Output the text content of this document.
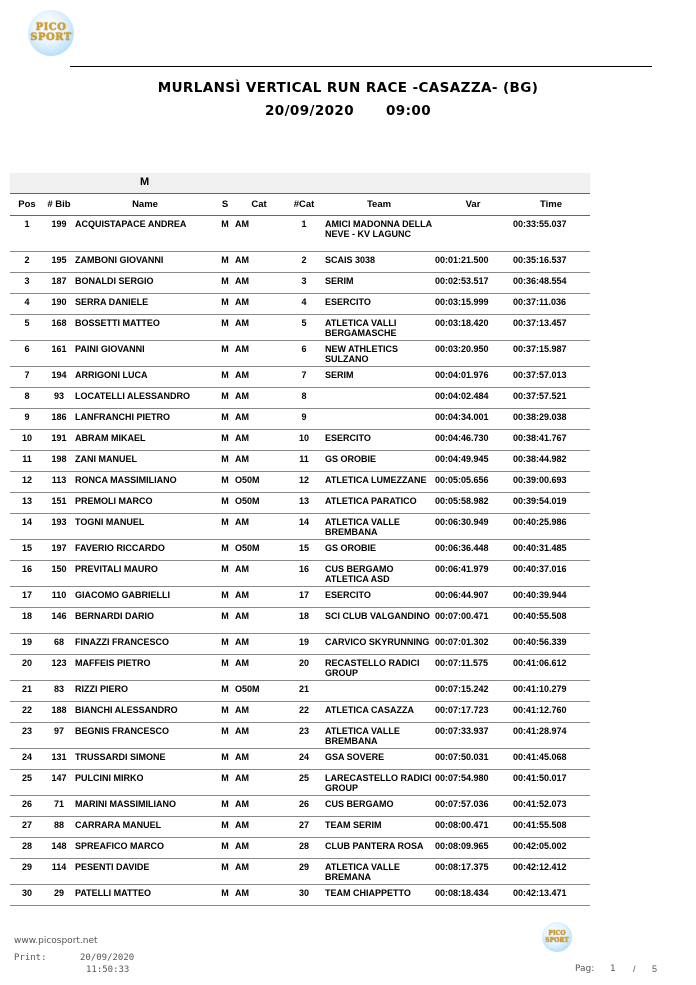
PICO
SPORT
MURLANSÌ VERTICAL RUN RACE -CASAZZA- (BG)
20/09/2020 09:00
M
Pos	# Bib	Name	S	Cat	#Cat	Team	Var	Time
1	199	ACQUISTAPACE ANDREA	M	AM	1	AMICI MADONNA DELLA NEVE - KV LAGUNC		00:33:55.037
2	195	ZAMBONI GIOVANNI	M	AM	2	SCAIS 3038	00:01:21.500	00:35:16.537
3	187	BONALDI SERGIO	M	AM	3	SERIM	00:02:53.517	00:36:48.554
4	190	SERRA DANIELE	M	AM	4	ESERCITO	00:03:15.999	00:37:11.036
5	168	BOSSETTI MATTEO	M	AM	5	ATLETICA VALLI BERGAMASCHE	00:03:18.420	00:37:13.457
6	161	PAINI GIOVANNI	M	AM	6	NEW ATHLETICS SULZANO	00:03:20.950	00:37:15.987
7	194	ARRIGONI LUCA	M	AM	7	SERIM	00:04:01.976	00:37:57.013
8	93	LOCATELLI ALESSANDRO	M	AM	8		00:04:02.484	00:37:57.521
9	186	LANFRANCHI PIETRO	M	AM	9		00:04:34.001	00:38:29.038
10	191	ABRAM MIKAEL	M	AM	10	ESERCITO	00:04:46.730	00:38:41.767
11	198	ZANI MANUEL	M	AM	11	GS OROBIE	00:04:49.945	00:38:44.982
12	113	RONCA MASSIMILIANO	M	O50M	12	ATLETICA LUMEZZANE	00:05:05.656	00:39:00.693
13	151	PREMOLI MARCO	M	O50M	13	ATLETICA PARATICO	00:05:58.982	00:39:54.019
14	193	TOGNI MANUEL	M	AM	14	ATLETICA VALLE BREMBANA	00:06:30.949	00:40:25.986
15	197	FAVERIO RICCARDO	M	O50M	15	GS OROBIE	00:06:36.448	00:40:31.485
16	150	PREVITALI MAURO	M	AM	16	CUS BERGAMO ATLETICA ASD	00:06:41.979	00:40:37.016
17	110	GIACOMO GABRIELLI	M	AM	17	ESERCITO	00:06:44.907	00:40:39.944
18	146	BERNARDI DARIO	M	AM	18	SCI CLUB VALGANDINO	00:07:00.471	00:40:55.508
19	68	FINAZZI FRANCESCO	M	AM	19	CARVICO SKYRUNNING	00:07:01.302	00:40:56.339
20	123	MAFFEIS PIETRO	M	AM	20	RECASTELLO RADICI GROUP	00:07:11.575	00:41:06.612
21	83	RIZZI PIERO	M	O50M	21		00:07:15.242	00:41:10.279
22	188	BIANCHI ALESSANDRO	M	AM	22	ATLETICA CASAZZA	00:07:17.723	00:41:12.760
23	97	BEGNIS FRANCESCO	M	AM	23	ATLETICA VALLE BREMBANA	00:07:33.937	00:41:28.974
24	131	TRUSSARDI SIMONE	M	AM	24	GSA SOVERE	00:07:50.031	00:41:45.068
25	147	PULCINI MIRKO	M	AM	25	LARECASTELLO RADICI GROUP	00:07:54.980	00:41:50.017
26	71	MARINI MASSIMILIANO	M	AM	26	CUS BERGAMO	00:07:57.036	00:41:52.073
27	88	CARRARA MANUEL	M	AM	27	TEAM SERIM	00:08:00.471	00:41:55.508
28	148	SPREAFICO MARCO	M	AM	28	CLUB PANTERA ROSA	00:08:09.965	00:42:05.002
29	114	PESENTI DAVIDE	M	AM	29	ATLETICA VALLE BREMANA	00:08:17.375	00:42:12.412
30	29	PATELLI MATTEO	M	AM	30	TEAM CHIAPPETTO	00:08:18.434	00:42:13.471
www.picosport.net
Print:	20/09/2020
11:50:33
PICO
SPORT
Pag: 1 / 5
